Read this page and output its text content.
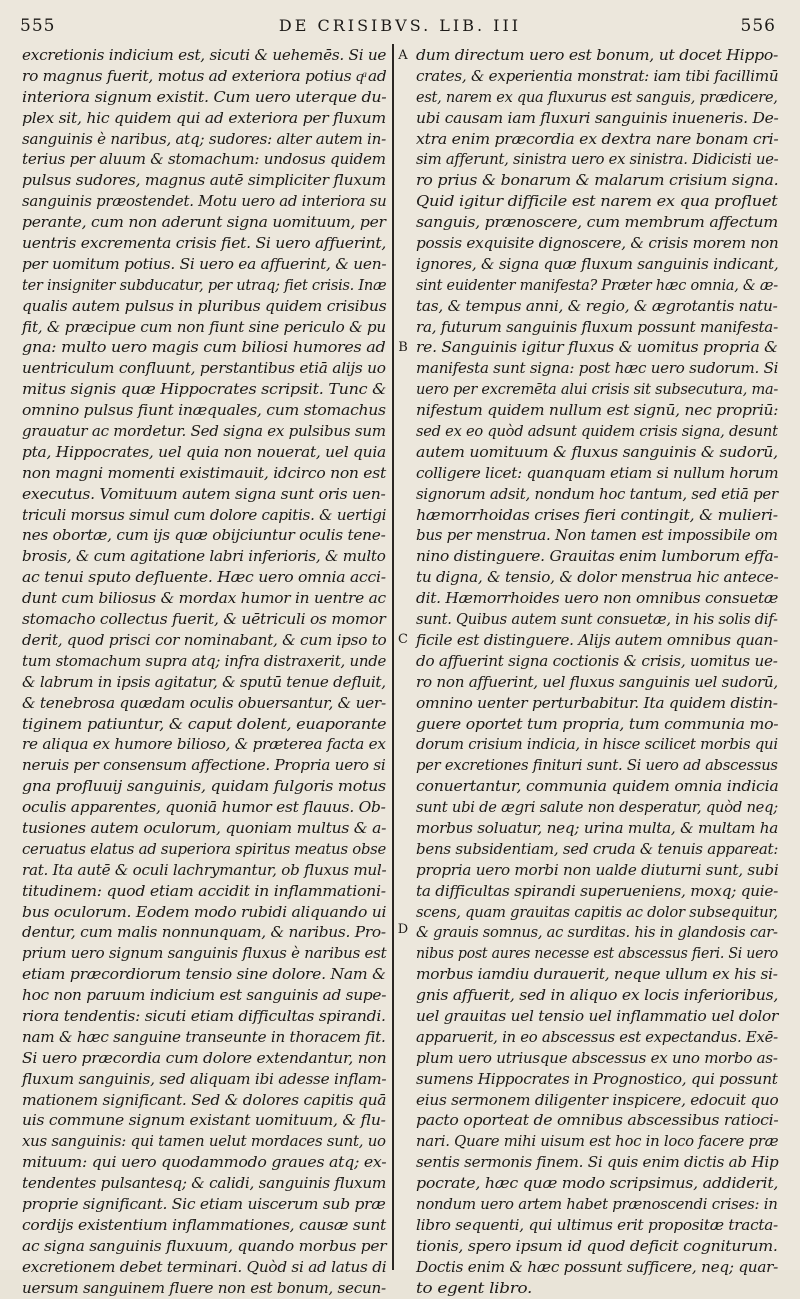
555	DE CRISIBVS. LIB. III	556
A
B
C
D
excretionis indicium est, sicuti & uehemēs. Si ue
ro magnus fuerit, motus ad exteriora potius qͣ ad
interiora signum existit. Cum uero uterque du-
plex sit, hic quidem qui ad exteriora per fluxum
sanguinis è naribus, atq; sudores: alter autem in-
terius per aluum & stomachum: undosus quidem
pulsus sudores, magnus autē simpliciter fluxum
sanguinis præostendet. Motu uero ad interiora su
perante, cum non aderunt signa uomituum, per
uentris excrementa crisis fiet. Si uero affuerint,
per uomitum potius. Si uero ea affuerint, & uen-
ter insigniter subducatur, per utraq; fiet crisis. Inæ
qualis autem pulsus in pluribus quidem crisibus
fit, & præcipue cum non fiunt sine periculo & pu
gna: multo uero magis cum biliosi humores ad
uentriculum confluunt, perstantibus etiā alijs uo
mitus signis quæ Hippocrates scripsit. Tunc &
omnino pulsus fiunt inæquales, cum stomachus
grauatur ac mordetur. Sed signa ex pulsibus sum
pta, Hippocrates, uel quia non nouerat, uel quia
non magni momenti existimauit, idcirco non est
executus. Vomituum autem signa sunt oris uen-
triculi morsus simul cum dolore capitis. & uertigi
nes obortæ, cum ijs quæ obijciuntur oculis tene-
brosis, & cum agitatione labri inferioris, & multo
ac tenui sputo defluente. Hæc uero omnia acci-
dunt cum biliosus & mordax humor in uentre ac
stomacho collectus fuerit, & uētriculi os momor
derit, quod prisci cor nominabant, & cum ipso to
tum stomachum supra atq; infra distraxerit, unde
& labrum in ipsis agitatur, & sputū tenue defluit,
& tenebrosa quædam oculis obuersantur, & uer-
tiginem patiuntur, & caput dolent, euaporante
re aliqua ex humore bilioso, & præterea facta ex
neruis per consensum affectione. Propria uero si
gna profluuij sanguinis, quidam fulgoris motus
oculis apparentes, quoniā humor est flauus. Ob-
tusiones autem oculorum, quoniam multus & a-
ceruatus elatus ad superiora spiritus meatus obse
rat. Ita autē & oculi lachrymantur, ob fluxus mul-
titudinem: quod etiam accidit in inflammationi-
bus oculorum. Eodem modo rubidi aliquando ui
dentur, cum malis nonnunquam, & naribus. Pro-
prium uero signum sanguinis fluxus è naribus est
etiam præcordiorum tensio sine dolore. Nam &
hoc non paruum indicium est sanguinis ad supe-
riora tendentis: sicuti etiam difficultas spirandi.
nam & hæc sanguine transeunte in thoracem fit.
Si uero præcordia cum dolore extendantur, non
fluxum sanguinis, sed aliquam ibi adesse inflam-
mationem significant. Sed & dolores capitis quā
uis commune signum existant uomituum, & flu-
xus sanguinis: qui tamen uelut mordaces sunt, uo
mituum: qui uero quodammodo graues atq; ex-
tendentes pulsantesq; & calidi, sanguinis fluxum
proprie significant. Sic etiam uiscerum sub præ
cordijs existentium inflammationes, causæ sunt
ac signa sanguinis fluxuum, quando morbus per
excretionem debet terminari. Quòd si ad latus di
uersum sanguinem fluere non est bonum, secun-
dum directum uero est bonum, ut docet Hippo-
crates, & experientia monstrat: iam tibi facillimū
est, narem ex qua fluxurus est sanguis, prædicere,
ubi causam iam fluxuri sanguinis inueneris. De-
xtra enim præcordia ex dextra nare bonam cri-
sim afferunt, sinistra uero ex sinistra. Didicisti ue-
ro prius & bonarum & malarum crisium signa.
Quid igitur difficile est narem ex qua profluet
sanguis, prænoscere, cum membrum affectum
possis exquisite dignoscere, & crisis morem non
ignores, & signa quæ fluxum sanguinis indicant,
sint euidenter manifesta? Præter hæc omnia, & æ-
tas, & tempus anni, & regio, & ægrotantis natu-
ra, futurum sanguinis fluxum possunt manifesta-
re. Sanguinis igitur fluxus & uomitus propria &
manifesta sunt signa: post hæc uero sudorum. Si
uero per excremēta alui crisis sit subsecutura, ma-
nifestum quidem nullum est signū, nec propriū:
sed ex eo quòd adsunt quidem crisis signa, desunt
autem uomituum & fluxus sanguinis & sudorū,
colligere licet: quanquam etiam si nullum horum
signorum adsit, nondum hoc tantum, sed etiā per
hæmorrhoidas crises fieri contingit, & mulieri-
bus per menstrua. Non tamen est impossibile om
nino distinguere. Grauitas enim lumborum effa-
tu digna, & tensio, & dolor menstrua hic antece-
dit. Hæmorrhoides uero non omnibus consuetæ
sunt. Quibus autem sunt consuetæ, in his solis dif-
ficile est distinguere. Alijs autem omnibus quan-
do affuerint signa coctionis & crisis, uomitus ue-
ro non affuerint, uel fluxus sanguinis uel sudorū,
omnino uenter perturbabitur. Ita quidem distin-
guere oportet tum propria, tum communia mo-
dorum crisium indicia, in hisce scilicet morbis qui
per excretiones finituri sunt. Si uero ad abscessus
conuertantur, communia quidem omnia indicia
sunt ubi de ægri salute non desperatur, quòd neq;
morbus soluatur, neq; urina multa, & multam ha
bens subsidentiam, sed cruda & tenuis appareat:
propria uero morbi non ualde diuturni sunt, subi
ta difficultas spirandi superueniens, moxq; quie-
scens, quam grauitas capitis ac dolor subsequitur,
& grauis somnus, ac surditas. his in glandosis car-
nibus post aures necesse est abscessus fieri. Si uero
morbus iamdiu durauerit, neque ullum ex his si-
gnis affuerit, sed in aliquo ex locis inferioribus,
uel grauitas uel tensio uel inflammatio uel dolor
apparuerit, in eo abscessus est expectandus. Exē-
plum uero utriusque abscessus ex uno morbo as-
sumens Hippocrates in Prognostico, qui possunt
eius sermonem diligenter inspicere, edocuit quo
pacto oporteat de omnibus abscessibus ratioci-
nari. Quare mihi uisum est hoc in loco facere præ
sentis sermonis finem. Si quis enim dictis ab Hip
pocrate, hæc quæ modo scripsimus, addiderit,
nondum uero artem habet prænoscendi crises: in
libro sequenti, qui ultimus erit propositæ tracta-
tionis, spero ipsum id quod deficit cogniturum.
Doctis enim & hæc possunt sufficere, neq; quar-
to egent libro.
